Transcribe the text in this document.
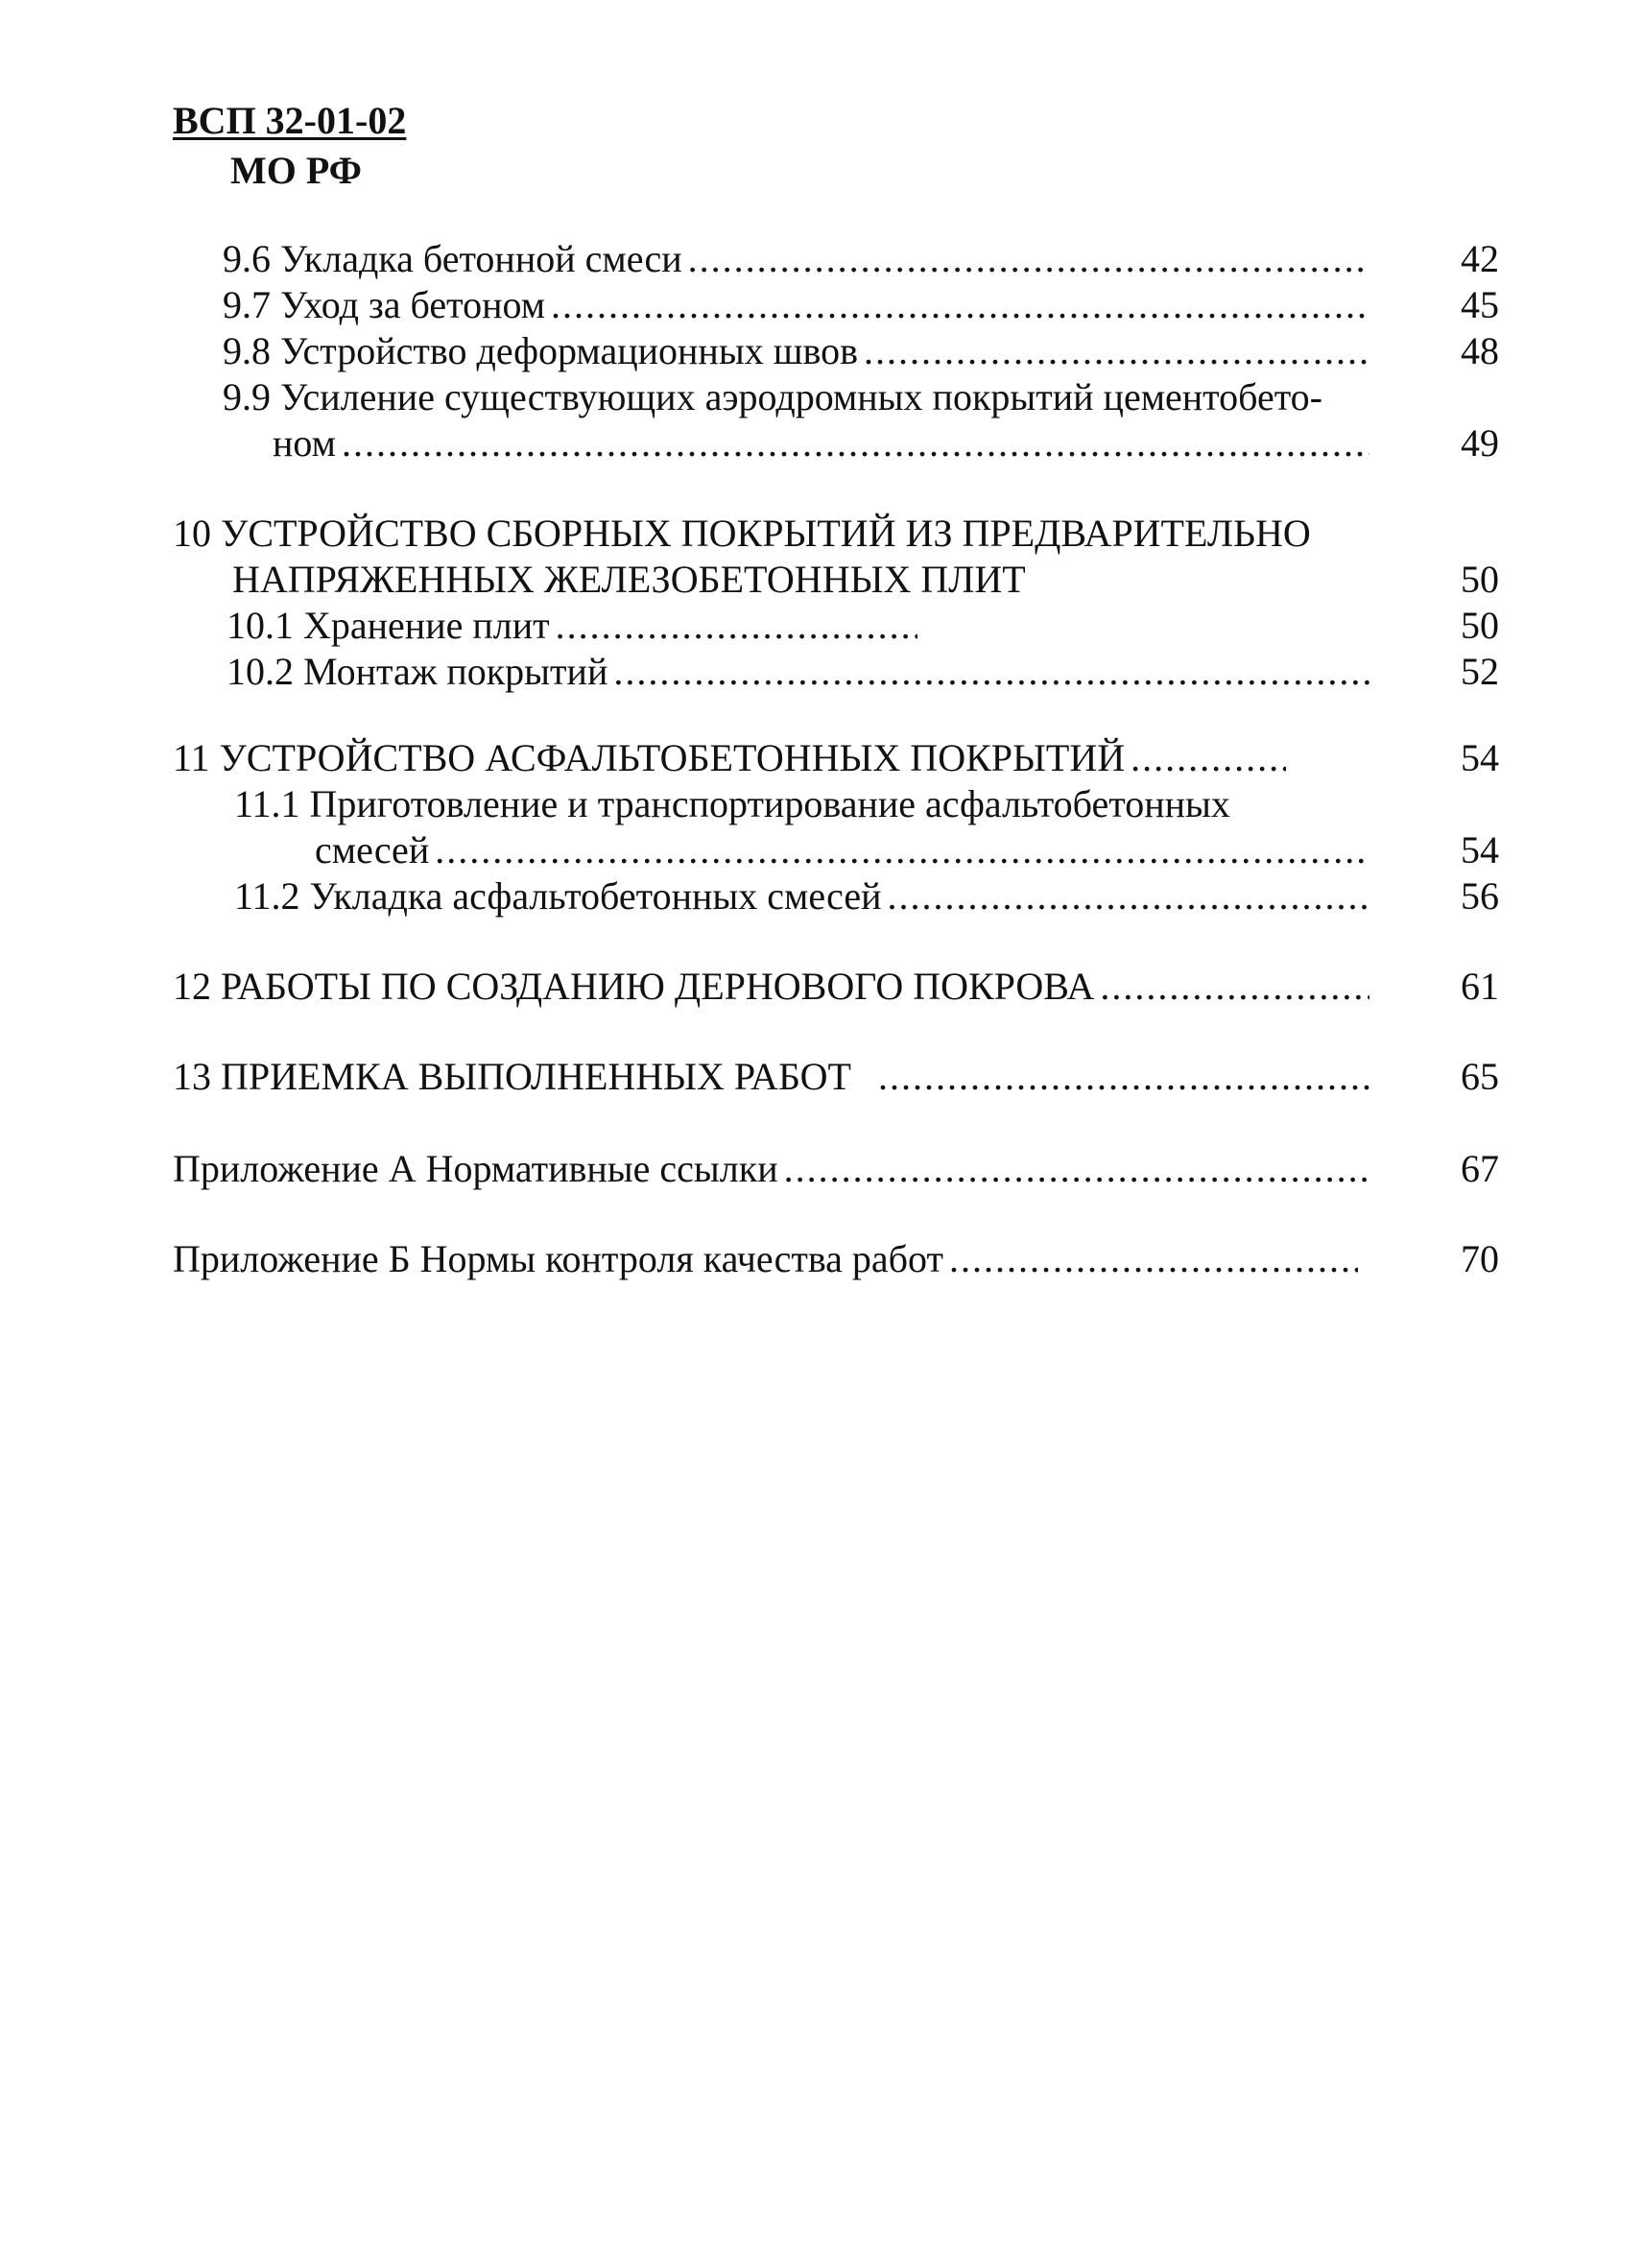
ВСП 32-01-02
МО РФ
9.6 Укладка бетонной смеси .....	42
9.7 Уход за бетоном .....	45
9.8 Устройство деформационных швов .....	48
9.9 Усиление существующих аэродромных покрытий цементобето-
ном .....	49
10 УСТРОЙСТВО СБОРНЫХ ПОКРЫТИЙ ИЗ ПРЕДВАРИТЕЛЬНО
НАПРЯЖЕННЫХ ЖЕЛЕЗОБЕТОННЫХ ПЛИТ	50
10.1 Хранение плит .....	50
10.2 Монтаж покрытий .....	52
11 УСТРОЙСТВО АСФАЛЬТОБЕТОННЫХ ПОКРЫТИЙ .....	54
11.1 Приготовление и транспортирование асфальтобетонных
смесей .....	54
11.2 Укладка асфальтобетонных смесей .....	56
12 РАБОТЫ ПО СОЗДАНИЮ ДЕРНОВОГО ПОКРОВА .....	61
13 ПРИЕМКА ВЫПОЛНЕННЫХ РАБОТ .....	65
Приложение А Нормативные ссылки .....	67
Приложение Б Нормы контроля качества работ .....	70
